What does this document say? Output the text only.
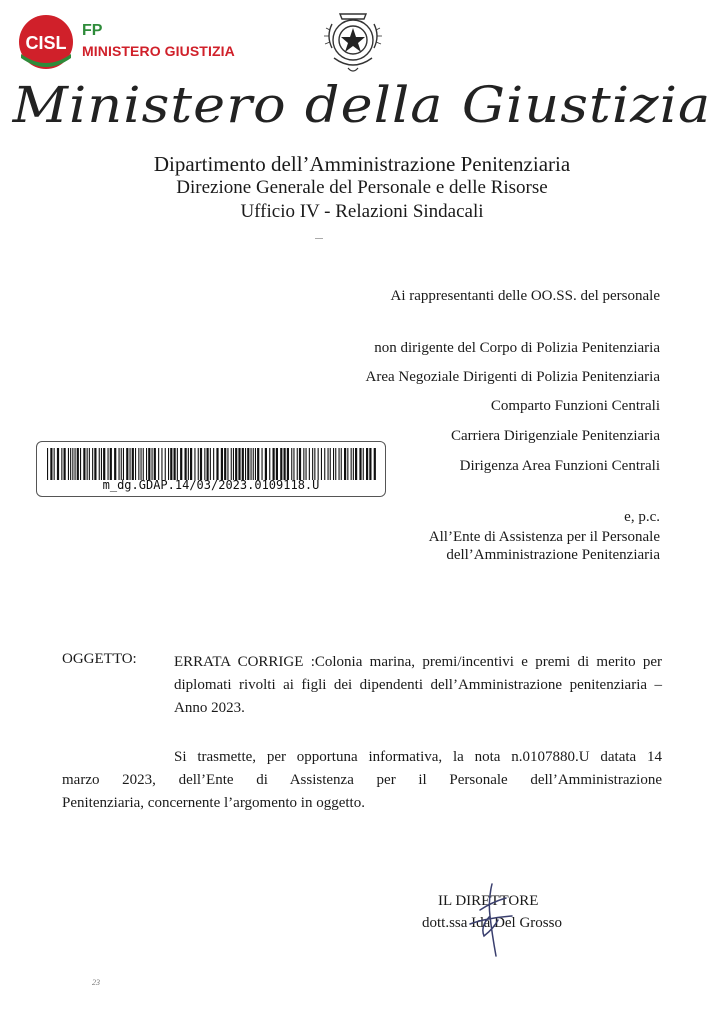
CISL
FP
MINISTERO GIUSTIZIA
Ministero della Giustizia
Dipartimento dell’Amministrazione Penitenziaria
Direzione Generale del Personale e delle Risorse
Ufficio IV - Relazioni Sindacali
Ai rappresentanti delle OO.SS. del personale
non dirigente del Corpo di Polizia Penitenziaria
Area Negoziale Dirigenti di Polizia Penitenziaria
Comparto Funzioni Centrali
Carriera Dirigenziale Penitenziaria
Dirigenza Area Funzioni Centrali
e, p.c.
All’Ente di Assistenza per il Personale
dell’Amministrazione Penitenziaria
m_dg.GDAP.14/03/2023.0109118.U
OGGETTO: ERRATA CORRIGE :Colonia marina, premi/incentivi e premi di merito per diplomati rivolti ai figli dei dipendenti dell’Amministrazione penitenziaria – Anno 2023.
Si trasmette, per opportuna informativa, la nota n.0107880.U datata 14
marzo 2023, dell’Ente di Assistenza per il Personale dell’Amministrazione
Penitenziaria, concernente l’argomento in oggetto.
IL DIRETTORE
dott.ssa Ida Del Grosso
23
